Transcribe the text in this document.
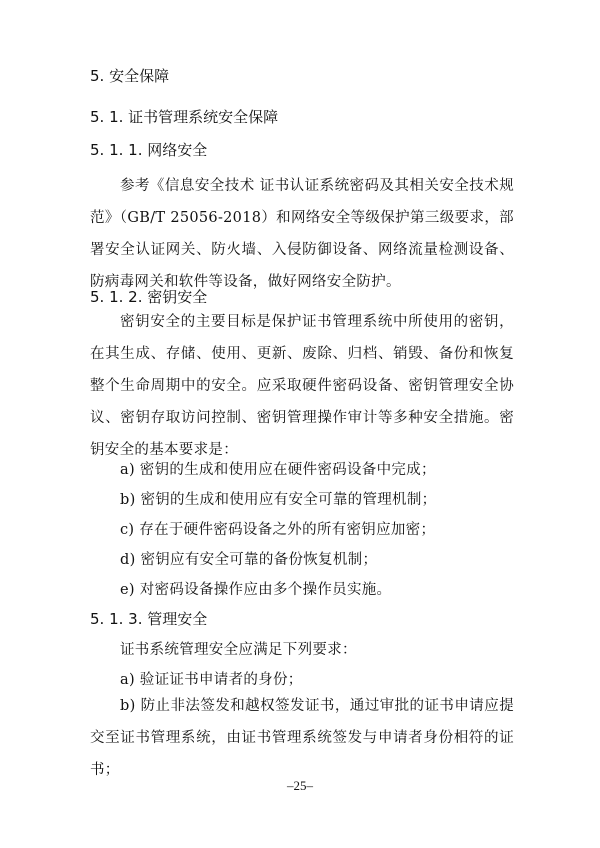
5. 安全保障
5. 1. 证书管理系统安全保障
5. 1. 1. 网络安全
参考《信息安全技术 证书认证系统密码及其相关安全技术规范》（GB/T 25056-2018）和网络安全等级保护第三级要求，部署安全认证网关、防火墙、入侵防御设备、网络流量检测设备、防病毒网关和软件等设备，做好网络安全防护。
5. 1. 2. 密钥安全
密钥安全的主要目标是保护证书管理系统中所使用的密钥，在其生成、存储、使用、更新、废除、归档、销毁、备份和恢复整个生命周期中的安全。应采取硬件密码设备、密钥管理安全协议、密钥存取访问控制、密钥管理操作审计等多种安全措施。密钥安全的基本要求是：
a) 密钥的生成和使用应在硬件密码设备中完成；
b) 密钥的生成和使用应有安全可靠的管理机制；
c) 存在于硬件密码设备之外的所有密钥应加密；
d) 密钥应有安全可靠的备份恢复机制；
e) 对密码设备操作应由多个操作员实施。
5. 1. 3. 管理安全
证书系统管理安全应满足下列要求：
a) 验证证书申请者的身份；
b) 防止非法签发和越权签发证书，通过审批的证书申请应提交至证书管理系统，由证书管理系统签发与申请者身份相符的证书；
–25–
